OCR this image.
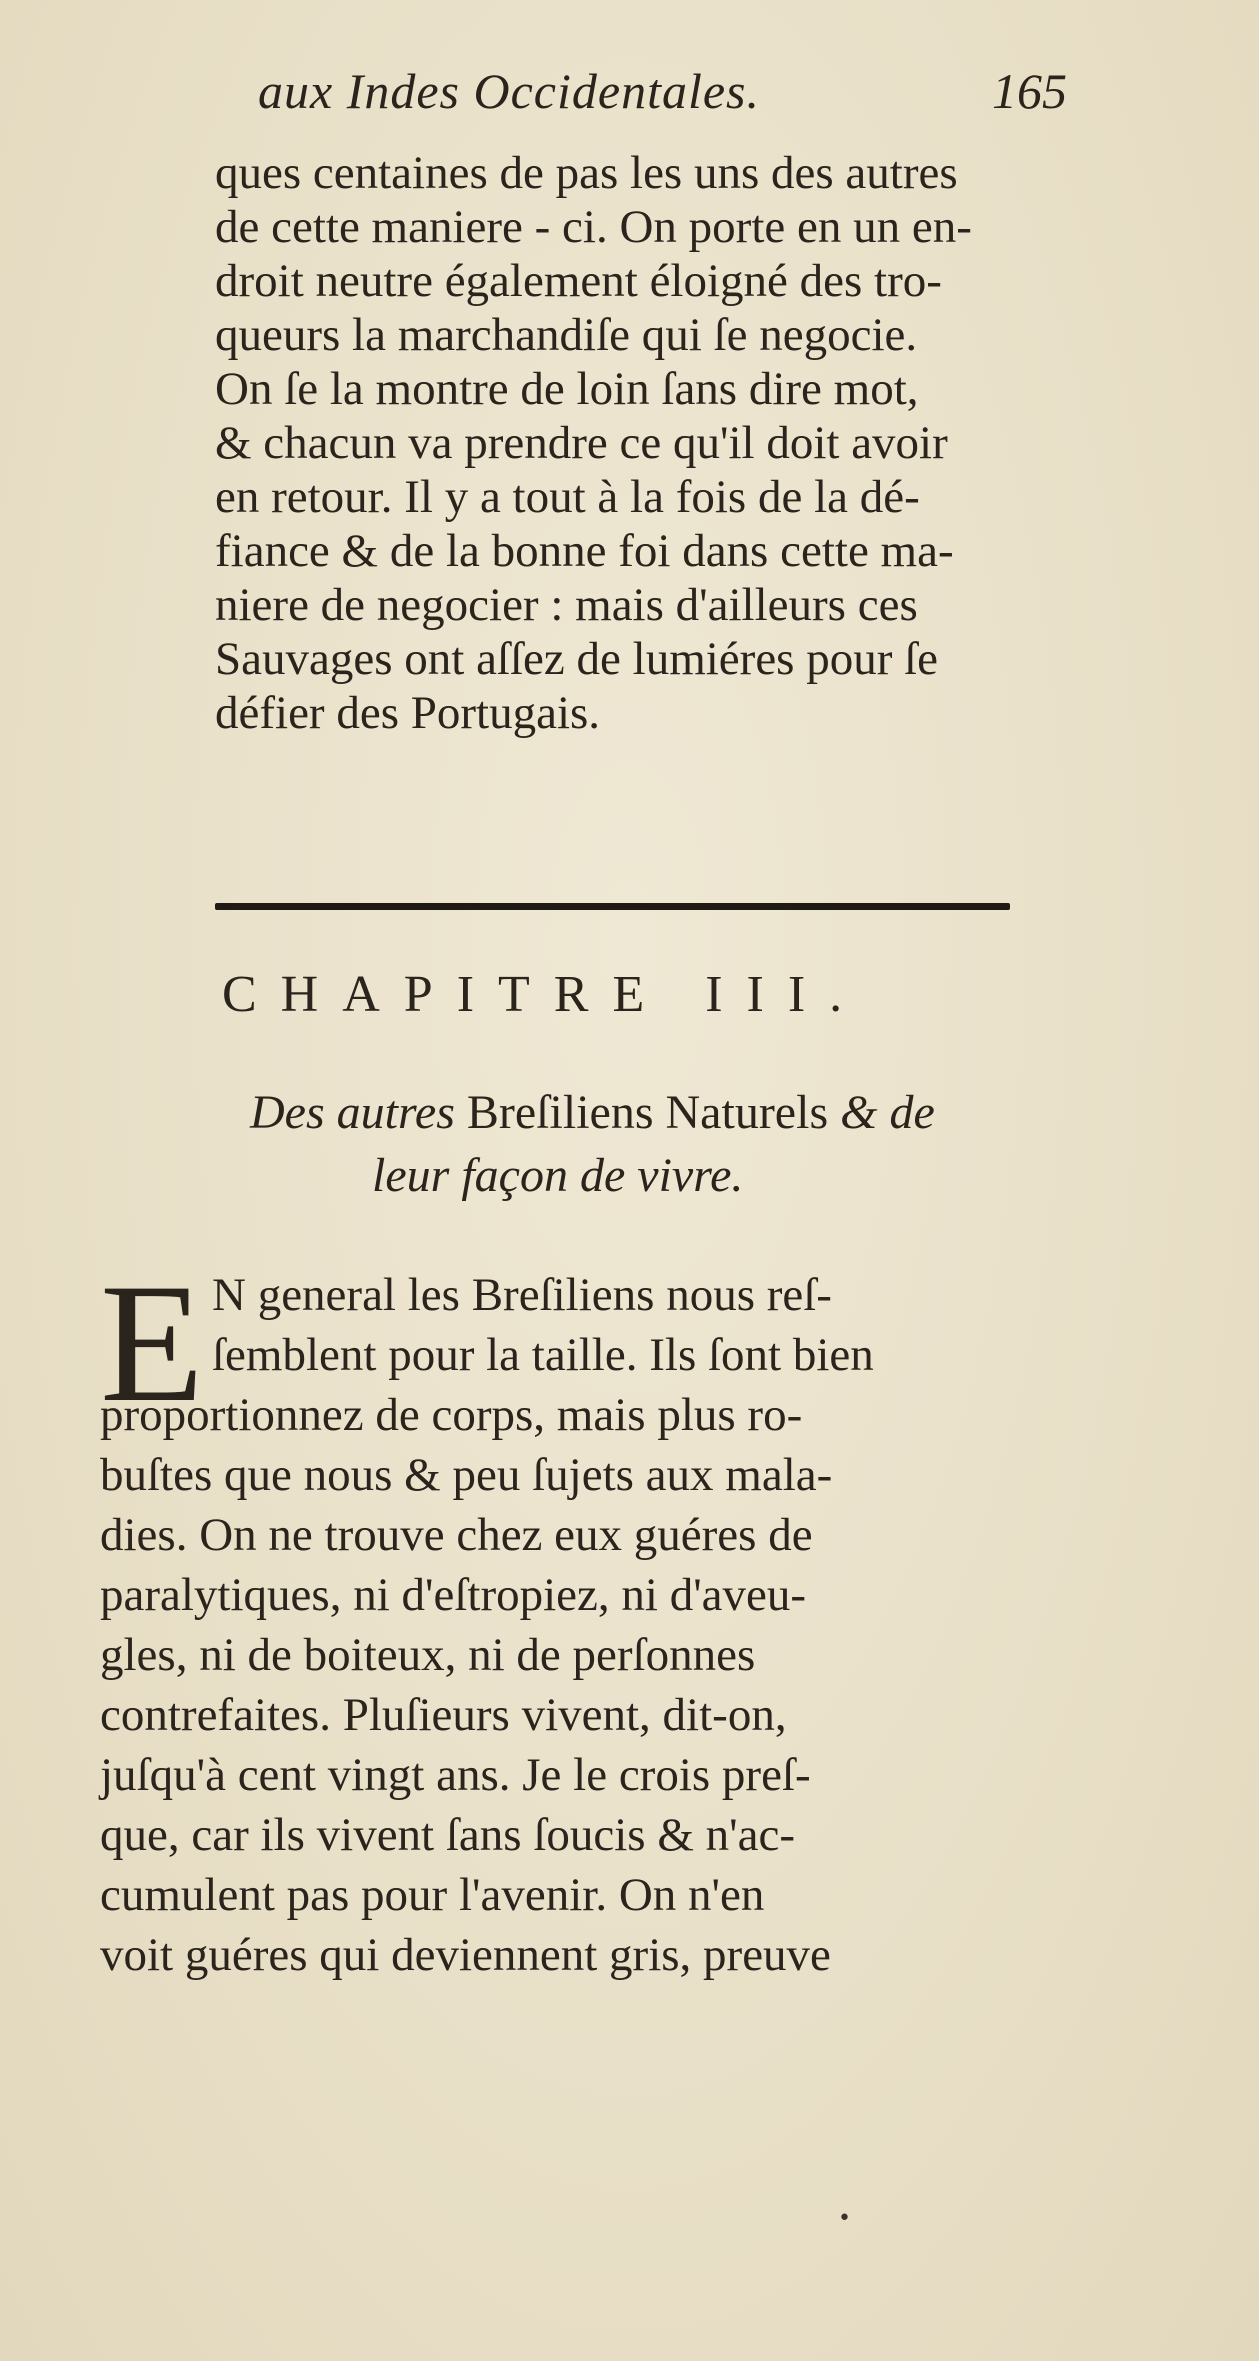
aux Indes Occidentales.	165
ques centaines de pas les uns des autres
de cette maniere - ci. On porte en un en-
droit neutre également éloigné des tro-
queurs la marchandiſe qui ſe negocie.
On ſe la montre de loin ſans dire mot,
& chacun va prendre ce qu'il doit avoir
en retour. Il y a tout à la fois de la dé-
fiance & de la bonne foi dans cette ma-
niere de negocier : mais d'ailleurs ces
Sauvages ont aſſez de lumiéres pour ſe
défier des Portugais.
CHAPITRE III.
Des autres Breſiliens Naturels & de
leur façon de vivre.
E N general les Breſiliens nous reſ-
ſemblent pour la taille. Ils ſont bien
proportionnez de corps, mais plus ro-
buſtes que nous & peu ſujets aux mala-
dies. On ne trouve chez eux guéres de
paralytiques, ni d'eſtropiez, ni d'aveu-
gles, ni de boiteux, ni de perſonnes
contrefaites. Pluſieurs vivent, dit-on,
juſqu'à cent vingt ans. Je le crois preſ-
que, car ils vivent ſans ſoucis & n'ac-
cumulent pas pour l'avenir. On n'en
voit guéres qui deviennent gris, preuve
•
